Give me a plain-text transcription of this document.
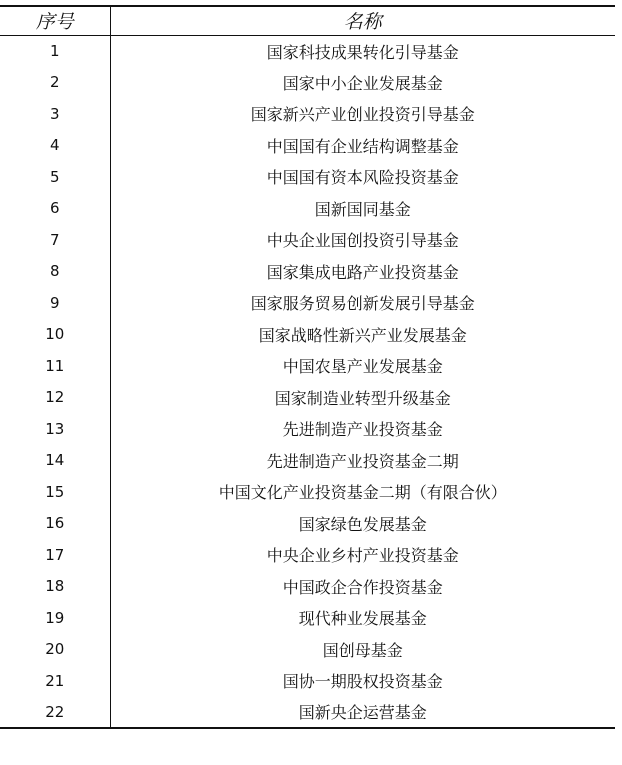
序号	名称
1	国家科技成果转化引导基金
2	国家中小企业发展基金
3	国家新兴产业创业投资引导基金
4	中国国有企业结构调整基金
5	中国国有资本风险投资基金
6	国新国同基金
7	中央企业国创投资引导基金
8	国家集成电路产业投资基金
9	国家服务贸易创新发展引导基金
10	国家战略性新兴产业发展基金
11	中国农垦产业发展基金
12	国家制造业转型升级基金
13	先进制造产业投资基金
14	先进制造产业投资基金二期
15	中国文化产业投资基金二期（有限合伙）
16	国家绿色发展基金
17	中央企业乡村产业投资基金
18	中国政企合作投资基金
19	现代种业发展基金
20	国创母基金
21	国协一期股权投资基金
22	国新央企运营基金
